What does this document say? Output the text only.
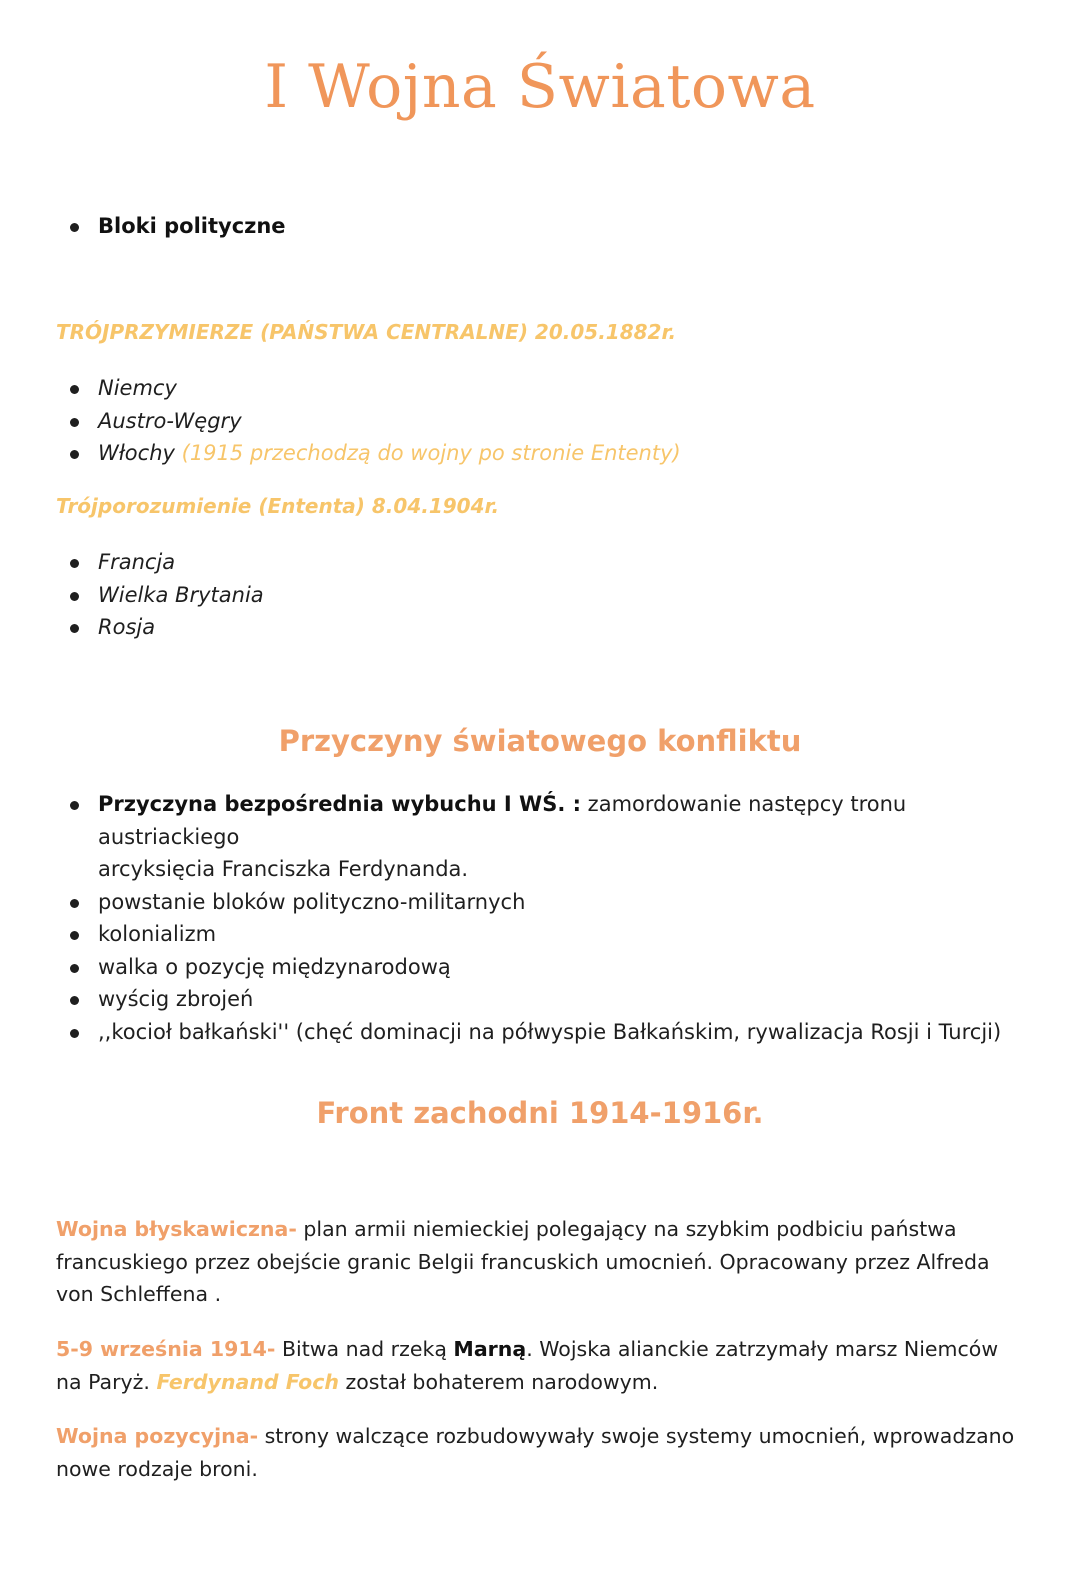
I Wojna Światowa
Bloki polityczne
TRÓJPRZYMIERZE (PAŃSTWA CENTRALNE) 20.05.1882r.
Niemcy
Austro-Węgry
Włochy (1915 przechodzą do wojny po stronie Ententy)
Trójporozumienie (Ententa) 8.04.1904r.
Francja
Wielka Brytania
Rosja
Przyczyny światowego konfliktu
Przyczyna bezpośrednia wybuchu I WŚ. : zamordowanie następcy tronu austriackiego
arcyksięcia Franciszka Ferdynanda.
powstanie bloków polityczno-militarnych
kolonializm
walka o pozycję międzynarodową
wyścig zbrojeń
,,kocioł bałkański'' (chęć dominacji na półwyspie Bałkańskim, rywalizacja Rosji i Turcji)
Front zachodni 1914-1916r.
Wojna błyskawiczna- plan armii niemieckiej polegający na szybkim podbiciu państwa francuskiego przez obejście granic Belgii francuskich umocnień. Opracowany przez Alfreda von Schleffena .
5-9 września 1914- Bitwa nad rzeką Marną. Wojska alianckie zatrzymały marsz Niemców na Paryż. Ferdynand Foch został bohaterem narodowym.
Wojna pozycyjna- strony walczące rozbudowywały swoje systemy umocnień, wprowadzano nowe rodzaje broni.
